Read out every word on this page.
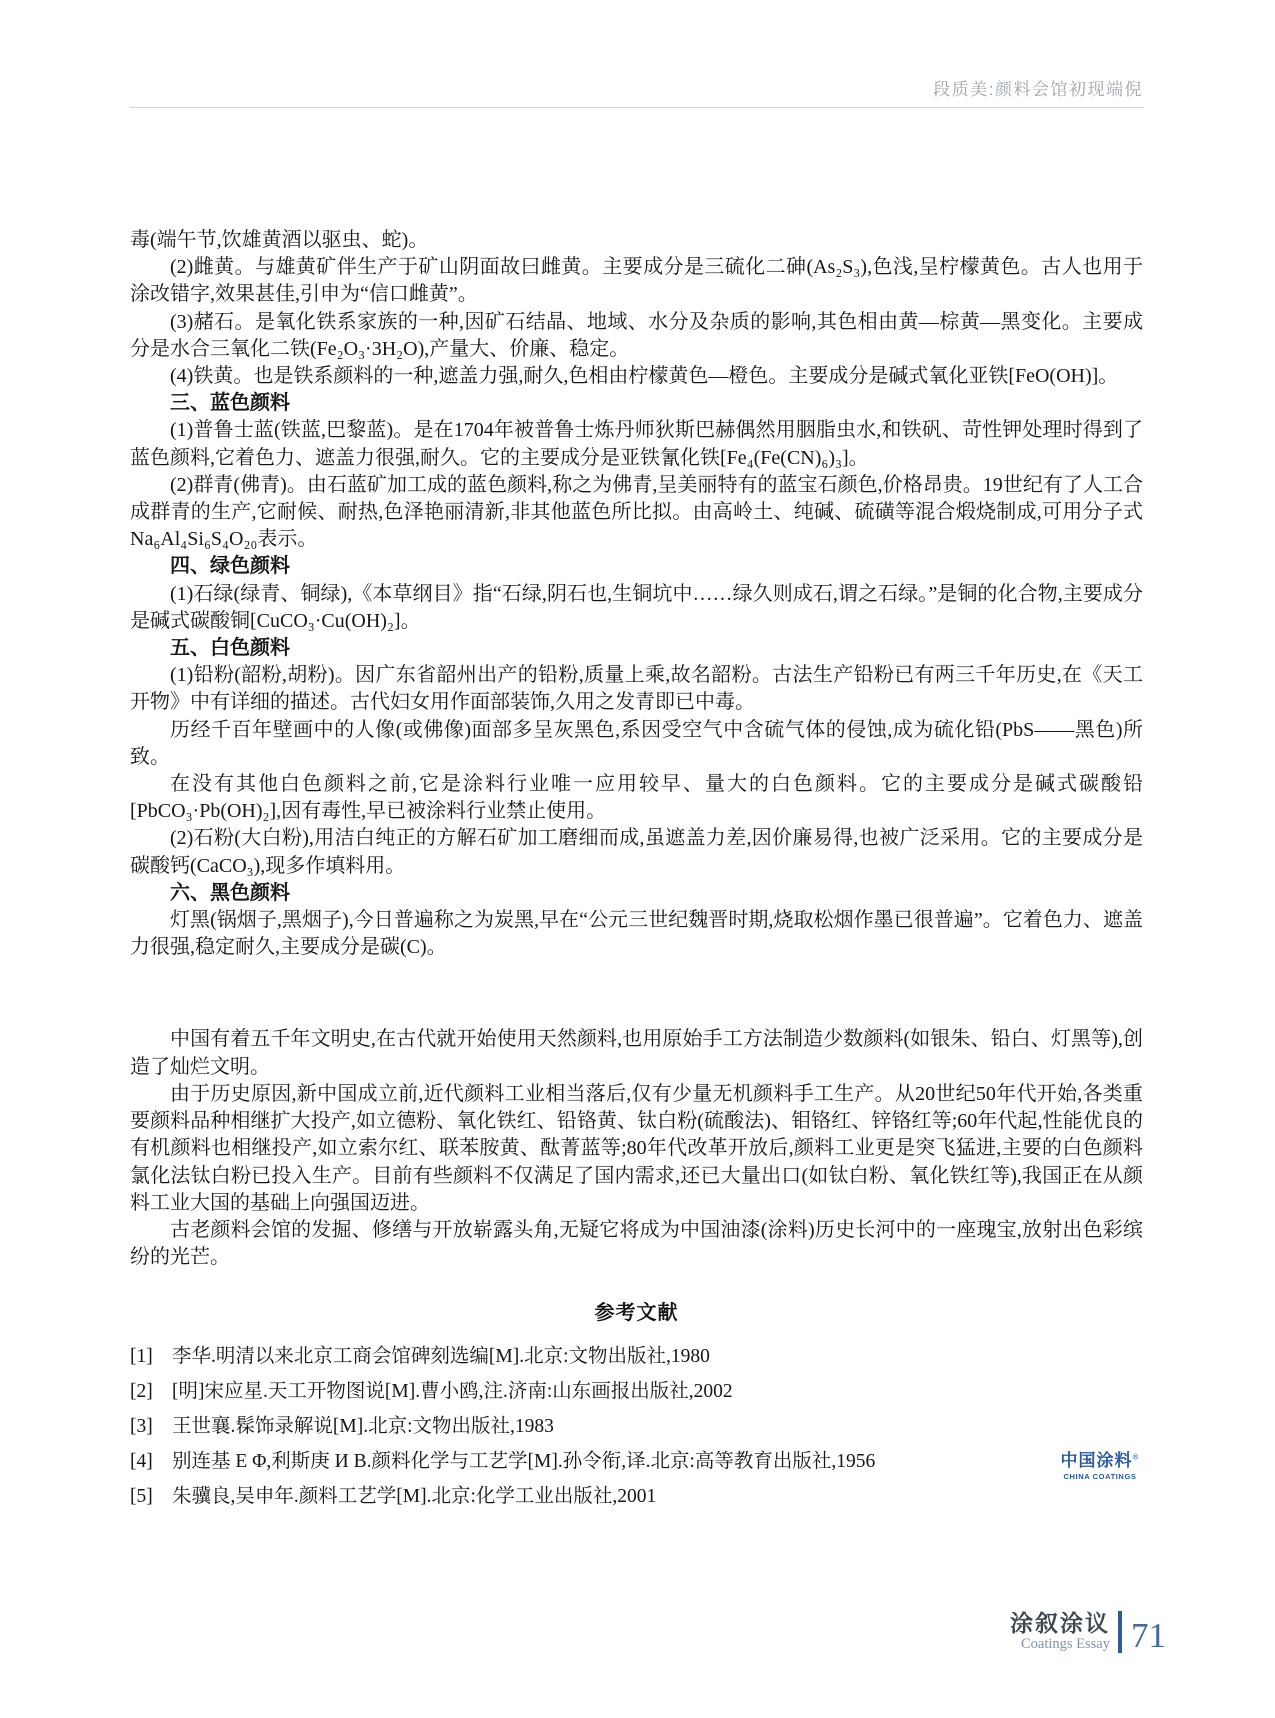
段质美:颜料会馆初现端倪
毒(端午节,饮雄黄酒以驱虫、蛇)。
(2)雌黄。与雄黄矿伴生产于矿山阴面故曰雌黄。主要成分是三硫化二砷(As₂S₃),色浅,呈柠檬黄色。古人也用于涂改错字,效果甚佳,引申为“信口雌黄”。
(3)赭石。是氧化铁系家族的一种,因矿石结晶、地域、水分及杂质的影响,其色相由黄—棕黄—黑变化。主要成分是水合三氧化二铁(Fe₂O₃·3H₂O),产量大、价廉、稳定。
(4)铁黄。也是铁系颜料的一种,遮盖力强,耐久,色相由柠檬黄色—橙色。主要成分是碱式氧化亚铁[FeO(OH)]。
三、蓝色颜料
(1)普鲁士蓝(铁蓝,巴黎蓝)。是在1704年被普鲁士炼丹师狄斯巴赫偶然用胭脂虫水,和铁矾、苛性钾处理时得到了蓝色颜料,它着色力、遮盖力很强,耐久。它的主要成分是亚铁氰化铁[Fe₄(Fe(CN)₆)₃]。
(2)群青(佛青)。由石蓝矿加工成的蓝色颜料,称之为佛青,呈美丽特有的蓝宝石颜色,价格昂贵。19世纪有了人工合成群青的生产,它耐候、耐热,色泽艳丽清新,非其他蓝色所比拟。由高岭土、纯碱、硫磺等混合煅烧制成,可用分子式Na₆Al₄Si₆S₄O₂₀表示。
四、绿色颜料
(1)石绿(绿青、铜绿),《本草纲目》指“石绿,阴石也,生铜坑中……绿久则成石,谓之石绿。”是铜的化合物,主要成分是碱式碳酸铜[CuCO₃·Cu(OH)₂]。
五、白色颜料
(1)铅粉(韶粉,胡粉)。因广东省韶州出产的铅粉,质量上乘,故名韶粉。古法生产铅粉已有两三千年历史,在《天工开物》中有详细的描述。古代妇女用作面部装饰,久用之发青即已中毒。
历经千百年壁画中的人像(或佛像)面部多呈灰黑色,系因受空气中含硫气体的侵蚀,成为硫化铅(PbS——黑色)所致。
在没有其他白色颜料之前,它是涂料行业唯一应用较早、量大的白色颜料。它的主要成分是碱式碳酸铅[PbCO₃·Pb(OH)₂],因有毒性,早已被涂料行业禁止使用。
(2)石粉(大白粉),用洁白纯正的方解石矿加工磨细而成,虽遮盖力差,因价廉易得,也被广泛采用。它的主要成分是碳酸钙(CaCO₃),现多作填料用。
六、黑色颜料
灯黑(锅烟子,黑烟子),今日普遍称之为炭黑,早在“公元三世纪魏晋时期,烧取松烟作墨已很普遍”。它着色力、遮盖力很强,稳定耐久,主要成分是碳(C)。
中国有着五千年文明史,在古代就开始使用天然颜料,也用原始手工方法制造少数颜料(如银朱、铅白、灯黑等),创造了灿烂文明。
由于历史原因,新中国成立前,近代颜料工业相当落后,仅有少量无机颜料手工生产。从20世纪50年代开始,各类重要颜料品种相继扩大投产,如立德粉、氧化铁红、铅铬黄、钛白粉(硫酸法)、钼铬红、锌铬红等;60年代起,性能优良的有机颜料也相继投产,如立索尔红、联苯胺黄、酞菁蓝等;80年代改革开放后,颜料工业更是突飞猛进,主要的白色颜料氯化法钛白粉已投入生产。目前有些颜料不仅满足了国内需求,还已大量出口(如钛白粉、氧化铁红等),我国正在从颜料工业大国的基础上向强国迈进。
古老颜料会馆的发掘、修缮与开放崭露头角,无疑它将成为中国油漆(涂料)历史长河中的一座瑰宝,放射出色彩缤纷的光芒。
参考文献
[1] 李华.明清以来北京工商会馆碑刻选编[M].北京:文物出版社,1980
[2] [明]宋应星.天工开物图说[M].曹小鸥,注.济南:山东画报出版社,2002
[3] 王世襄.髹饰录解说[M].北京:文物出版社,1983
[4] 别连基 Ε Φ,利斯庚 И В.颜料化学与工艺学[M].孙令衔,译.北京:高等教育出版社,1956
[5] 朱骥良,吴申年.颜料工艺学[M].北京:化学工业出版社,2001
中国涂料®
CHINA COATINGS
涂叙涂议
Coatings Essay 71
